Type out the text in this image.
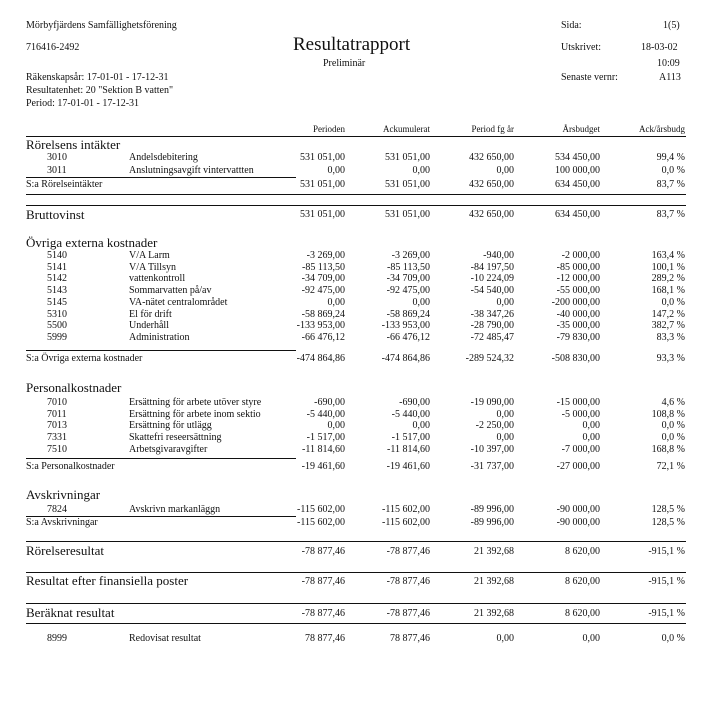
Mörbyfjärdens Samfällighetsförening
716416-2492	Resultatrapport
Preliminär
Räkenskapsår: 17-01-01 - 17-12-31
Resultatenhet: 20 "Sektion B vatten"
Period: 17-01-01 - 17-12-31
Sida:	1(5)
Utskrivet:	18-03-02
10:09
Senaste vernr:	A113
Perioden	Ackumulerat	Period fg år	Årsbudget	Ack/årsbudg
Rörelsens intäkter
3010	Andelsdebitering	531 051,00	531 051,00	432 650,00	534 450,00	99,4 %
3011	Anslutningsavgift vintervattten	0,00	0,00	0,00	100 000,00	0,0 %
S:a Rörelseintäkter	531 051,00	531 051,00	432 650,00	634 450,00	83,7 %
Bruttovinst	531 051,00	531 051,00	432 650,00	634 450,00	83,7 %
Övriga externa kostnader
5140	V/A Larm	-3 269,00	-3 269,00	-940,00	-2 000,00	163,4 %
5141	V/A Tillsyn	-85 113,50	-85 113,50	-84 197,50	-85 000,00	100,1 %
5142	vattenkontroll	-34 709,00	-34 709,00	-10 224,09	-12 000,00	289,2 %
5143	Sommarvatten på/av	-92 475,00	-92 475,00	-54 540,00	-55 000,00	168,1 %
5145	VA-nätet centralområdet	0,00	0,00	0,00	-200 000,00	0,0 %
5310	El för drift	-58 869,24	-58 869,24	-38 347,26	-40 000,00	147,2 %
5500	Underhåll	-133 953,00	-133 953,00	-28 790,00	-35 000,00	382,7 %
5999	Administration	-66 476,12	-66 476,12	-72 485,47	-79 830,00	83,3 %
S:a Övriga externa kostnader	-474 864,86	-474 864,86	-289 524,32	-508 830,00	93,3 %
Personalkostnader
7010	Ersättning för arbete utöver styre	-690,00	-690,00	-19 090,00	-15 000,00	4,6 %
7011	Ersättning för arbete inom sektio	-5 440,00	-5 440,00	0,00	-5 000,00	108,8 %
7013	Ersättning för utlägg	0,00	0,00	-2 250,00	0,00	0,0 %
7331	Skattefri reseersättning	-1 517,00	-1 517,00	0,00	0,00	0,0 %
7510	Arbetsgivaravgifter	-11 814,60	-11 814,60	-10 397,00	-7 000,00	168,8 %
S:a Personalkostnader	-19 461,60	-19 461,60	-31 737,00	-27 000,00	72,1 %
Avskrivningar
7824	Avskrivn markanläggn	-115 602,00	-115 602,00	-89 996,00	-90 000,00	128,5 %
S:a Avskrivningar	-115 602,00	-115 602,00	-89 996,00	-90 000,00	128,5 %
Rörelseresultat	-78 877,46	-78 877,46	21 392,68	8 620,00	-915,1 %
Resultat efter finansiella poster	-78 877,46	-78 877,46	21 392,68	8 620,00	-915,1 %
Beräknat resultat	-78 877,46	-78 877,46	21 392,68	8 620,00	-915,1 %
8999	Redovisat resultat	78 877,46	78 877,46	0,00	0,00	0,0 %
